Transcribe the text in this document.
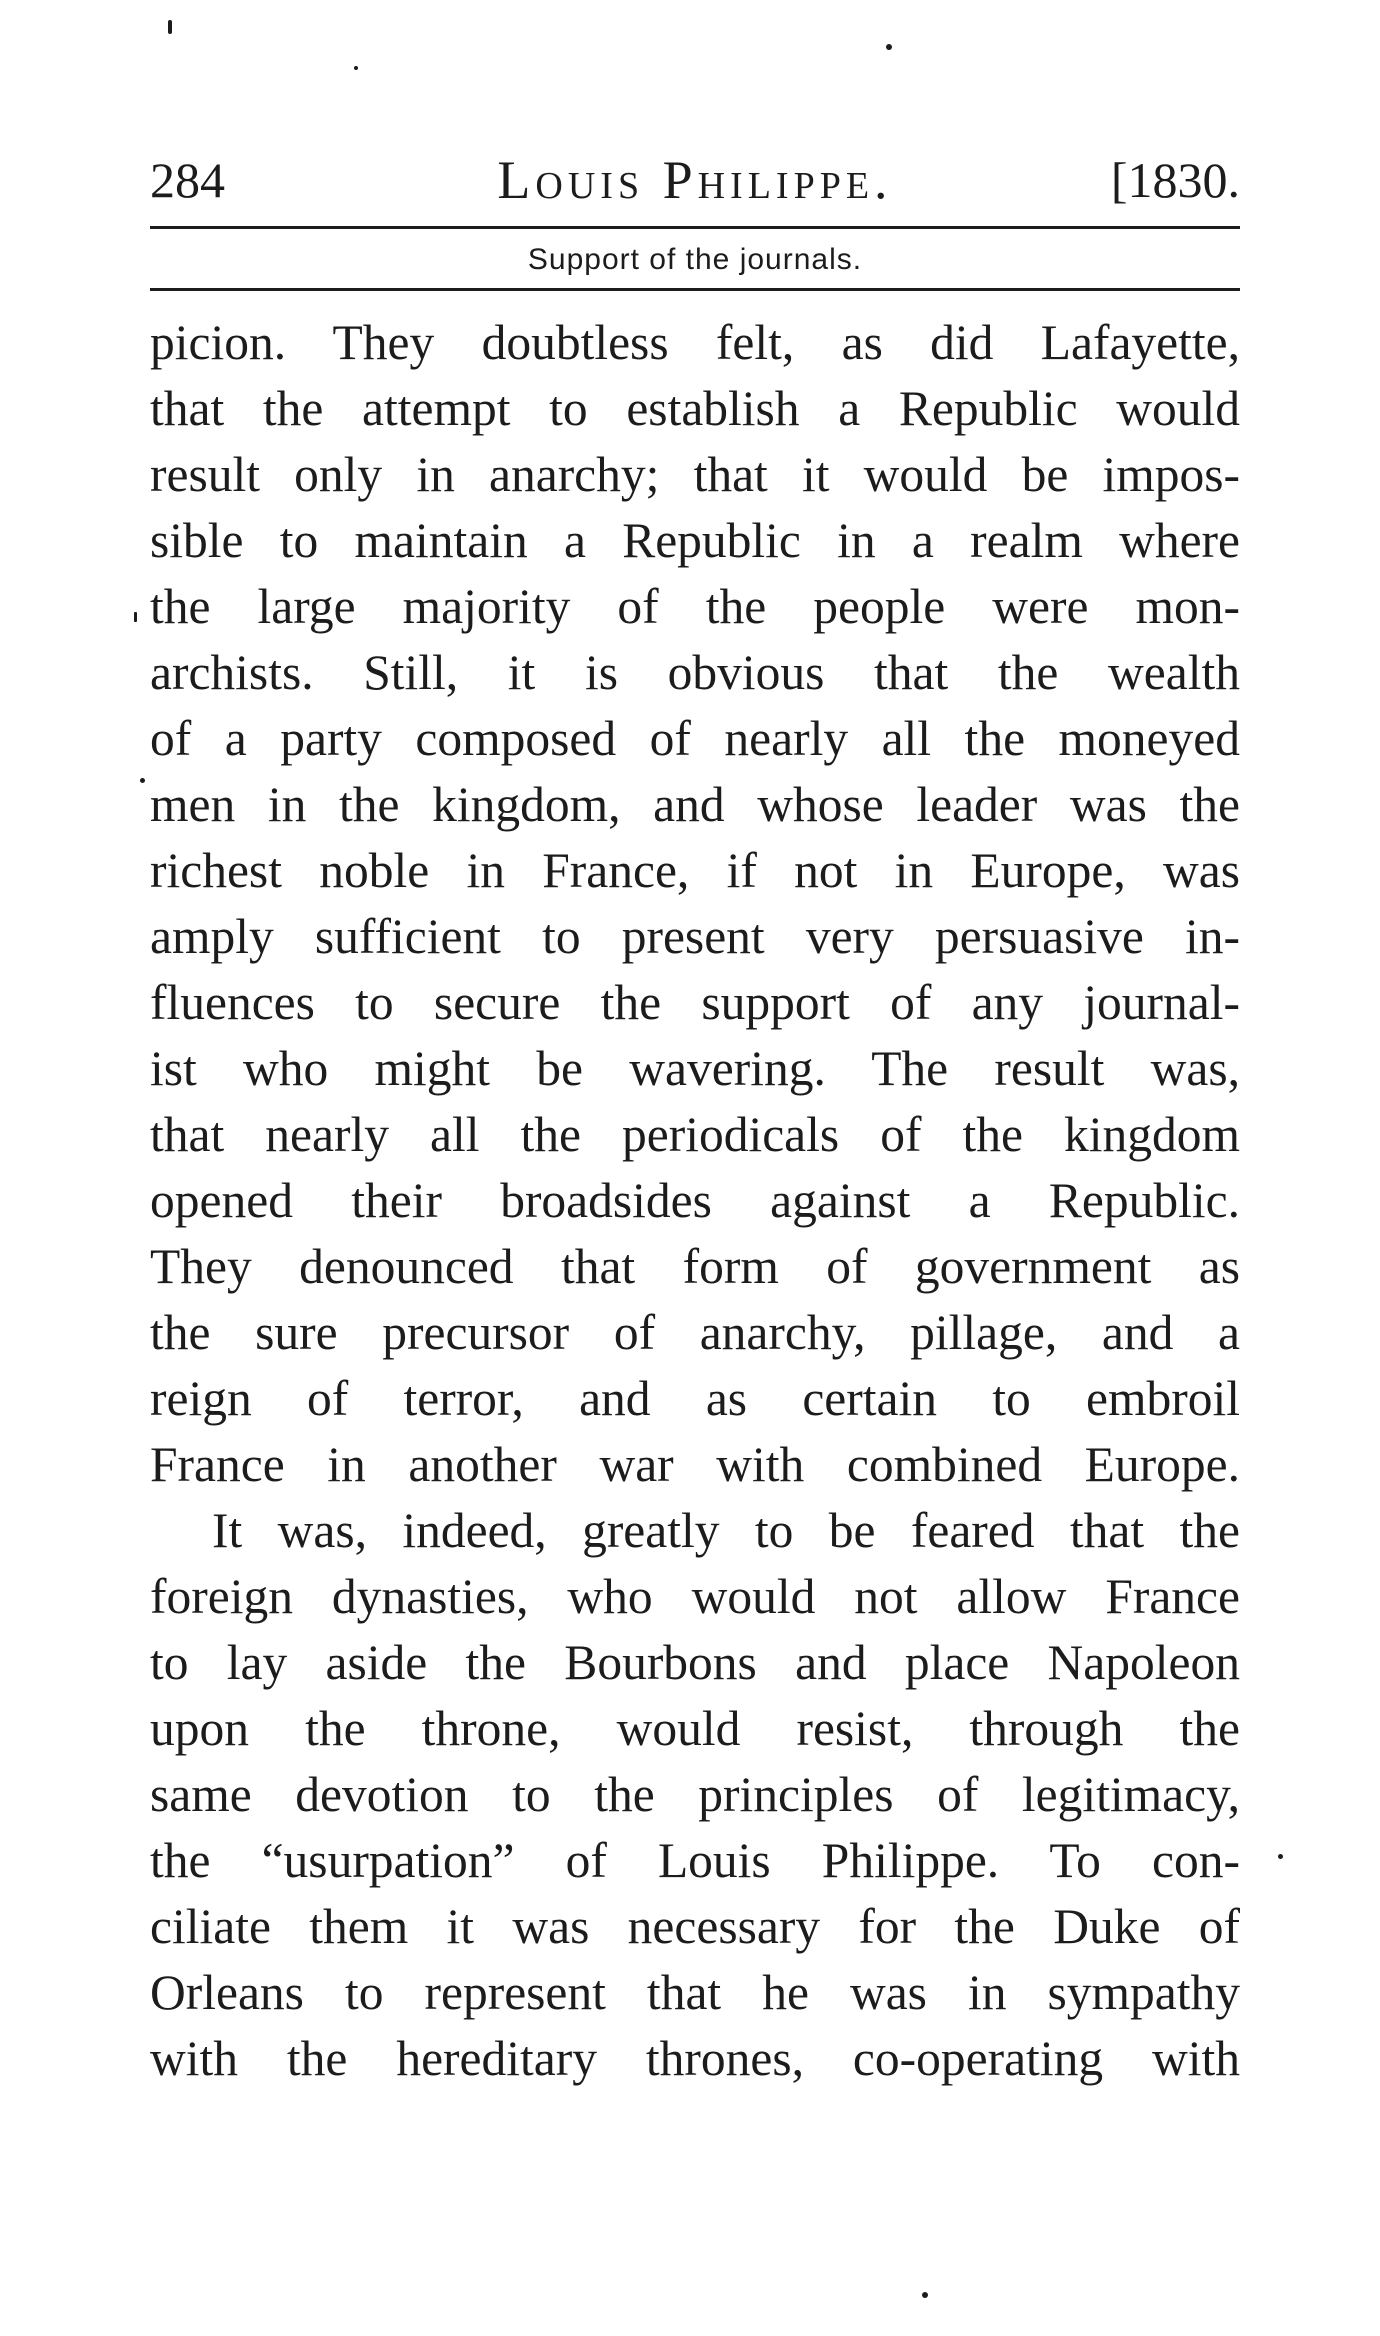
284	Louis Philippe.	[1830.
Support of the journals.
picion. They doubtless felt, as did Lafayette,
that the attempt to establish a Republic would
result only in anarchy; that it would be impos-
sible to maintain a Republic in a realm where
the large majority of the people were mon-
archists. Still, it is obvious that the wealth
of a party composed of nearly all the moneyed
men in the kingdom, and whose leader was the
richest noble in France, if not in Europe, was
amply sufficient to present very persuasive in-
fluences to secure the support of any journal-
ist who might be wavering. The result was,
that nearly all the periodicals of the kingdom
opened their broadsides against a Republic.
They denounced that form of government as
the sure precursor of anarchy, pillage, and a
reign of terror, and as certain to embroil
France in another war with combined Europe.
It was, indeed, greatly to be feared that the
foreign dynasties, who would not allow France
to lay aside the Bourbons and place Napoleon
upon the throne, would resist, through the
same devotion to the principles of legitimacy,
the “usurpation” of Louis Philippe. To con-
ciliate them it was necessary for the Duke of
Orleans to represent that he was in sympathy
with the hereditary thrones, co-operating with
